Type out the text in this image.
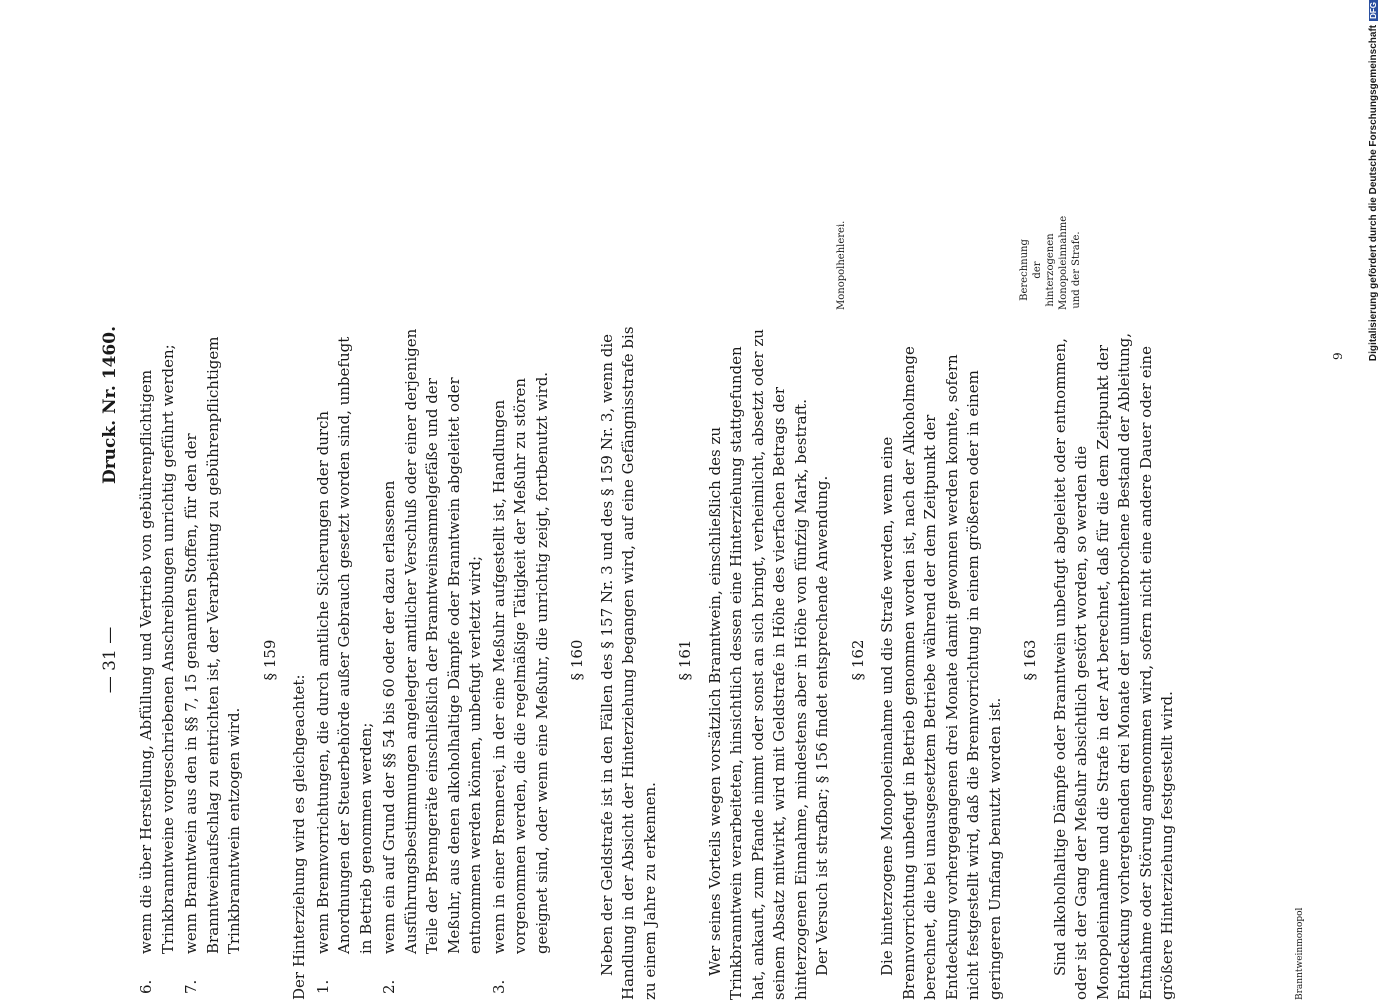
— 31 —
Druck. Nr. 1460.
6.
wenn die über Herstellung, Abfüllung und Vertrieb von gebührenpflichtigem Trinkbranntweine vorgeschriebenen Anschreibungen unrichtig geführt werden;
7.
wenn Branntwein aus den in §§ 7, 15 genannten Stoffen, für den der Branntweinaufschlag zu entrichten ist, der Verarbeitung zu gebührenpflichtigem Trinkbranntwein entzogen wird.
§ 159

Der Hinterziehung wird es gleichgeachtet: 1.
wenn Brennvorrichtungen, die durch amtliche Sicherungen oder durch Anordnungen der Steuerbehörde außer Gebrauch gesetzt worden sind, unbefugt in Betrieb genommen werden;
2.
wenn ein auf Grund der §§ 54 bis 60 oder der dazu erlassenen Ausführungsbestimmungen angelegter amtlicher Verschluß oder einer derjenigen Teile der Brenngeräte einschließlich der Branntweinsammelgefäße und der Meßuhr, aus denen alkoholhaltige Dämpfe oder Branntwein abgeleitet oder entnommen werden können, unbefugt verletzt wird;
3.
wenn in einer Brennerei, in der eine Meßuhr aufgestellt ist, Handlungen vorgenommen werden, die die regelmäßige Tätigkeit der Meßuhr zu stören geeignet sind, oder wenn eine Meßuhr, die unrichtig zeigt, fortbenutzt wird. § 160 Neben der Geldstrafe ist in den Fällen des § 157 Nr. 3 und des § 159 Nr. 3, wenn die Handlung in der Absicht der Hinterziehung begangen wird, auf eine Gefängnisstrafe bis zu einem Jahre zu erkennen.

§ 161 Wer seines Vorteils wegen vorsätzlich Branntwein, einschließlich des zu Trinkbranntwein verarbeiteten, hinsichtlich dessen eine Hinterziehung stattgefunden hat, ankauft, zum Pfande nimmt oder sonst an sich bringt, verheimlicht, absetzt oder zu seinem Absatz mitwirkt, wird mit Geldstrafe in Höhe des vierfachen Betrags der hinterzogenen Einnahme, mindestens aber in Höhe von fünfzig Mark, bestraft. Der Versuch ist strafbar; § 156 findet entsprechende Anwendung. § 162 Die hinterzogene Monopoleinnahme und die Strafe werden, wenn eine Brennvorrichtung unbefugt in Betrieb genommen worden ist, nach der Alkoholmenge berechnet, die bei unausgesetztem Betriebe während der dem Zeitpunkt der Entdeckung vorhergegangenen drei Monate damit gewonnen werden konnte, sofern nicht festgestellt wird, daß die Brennvorrichtung in einem größeren oder in einem geringeren Umfang benutzt worden ist.

§ 163 Sind alkoholhaltige Dämpfe oder Branntwein unbefugt abgeleitet oder entnommen, oder ist der Gang der Meßuhr absichtlich gestört worden, so werden die Monopoleinnahme und die Strafe in der Art berechnet, daß für die dem Zeitpunkt der Entdeckung vorhergehenden drei Monate der ununterbrochene Bestand der Ableitung, Entnahme oder Störung angenommen wird, sofern nicht eine andere Dauer oder eine größere Hinterziehung festgestellt wird.

Monopolhehlerei.	Berechnung der hinterzogenen Monopoleinnahme und der Strafe.
Branntweinmonopol
9	Digitalisierung gefördert durch die Deutsche ForschungsgemeinschaftDFG
